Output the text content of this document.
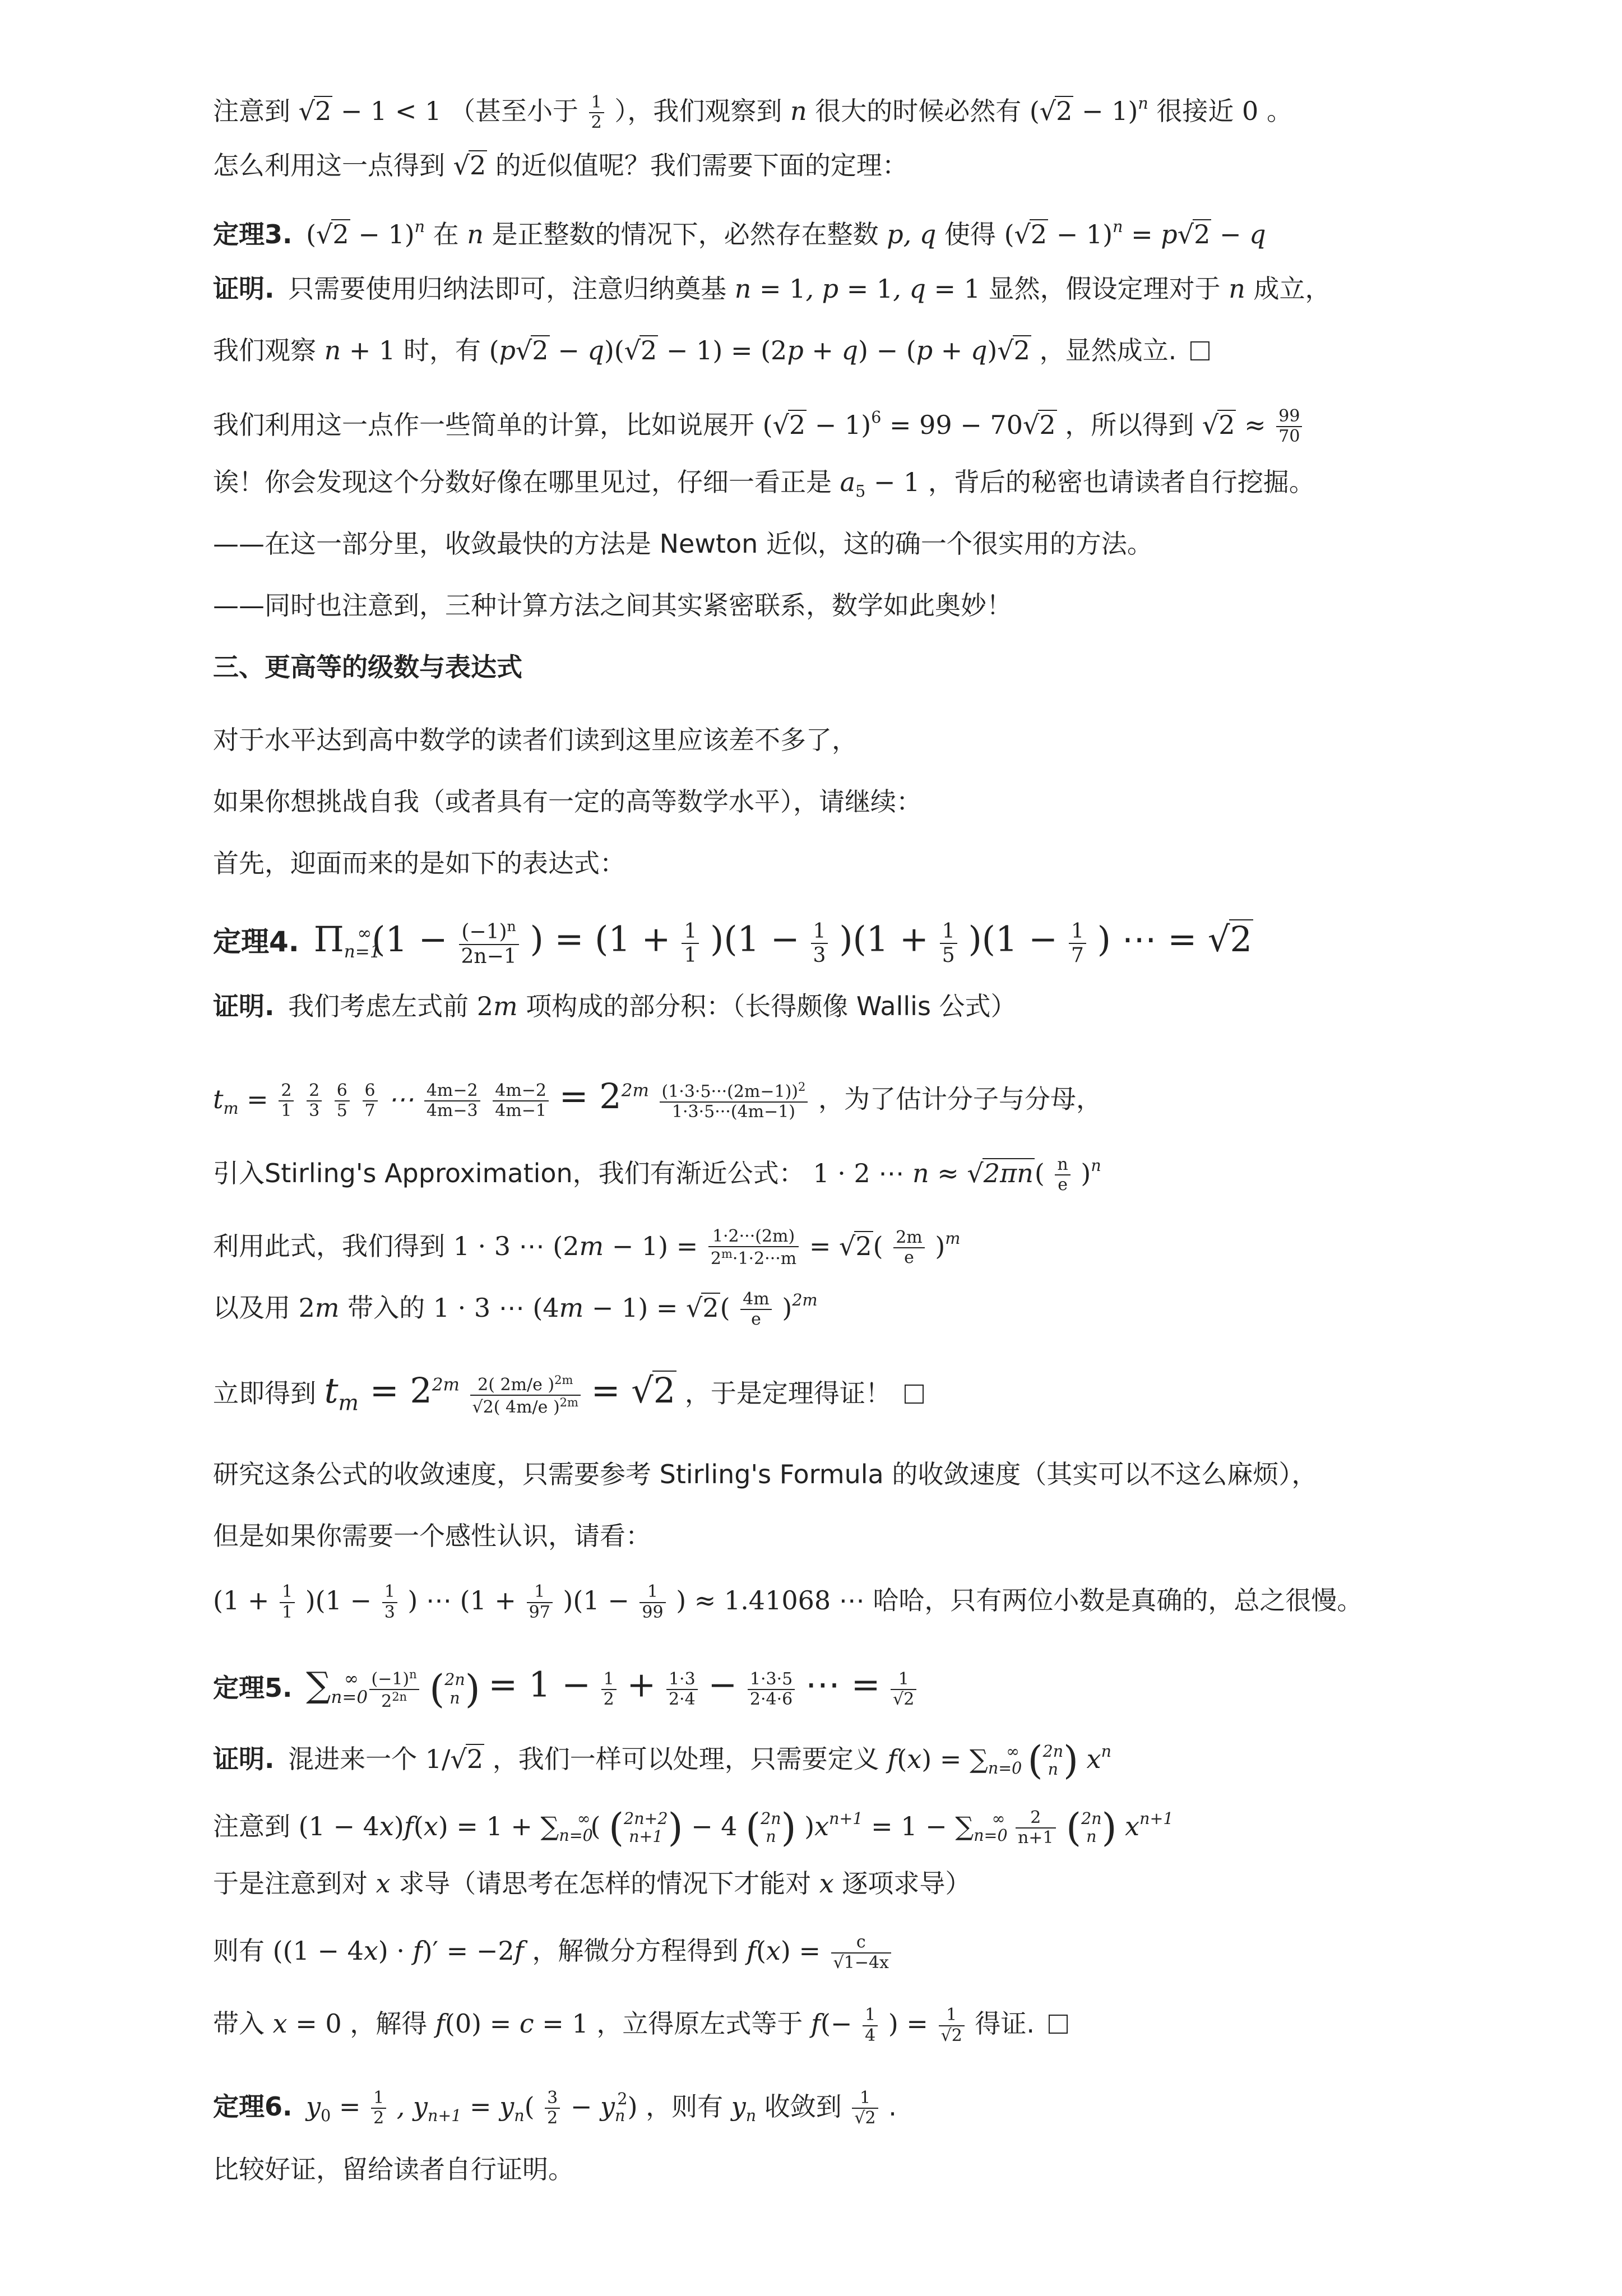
注意到 √2 − 1 < 1 （甚至小于 $\frac{1}{2}$ ），我们观察到 n 很大的时候必然有 $(√2 - 1)^n$ 很接近 0 。
怎么利用这一点得到 √2 的近似值呢？我们需要下面的定理：
定理3. $(√2 - 1)^n$ 在 n 是正整数的情况下，必然存在整数 p, q 使得 $(√2 - 1)^n = p√2 - q$
证明. 只需要使用归纳法即可，注意归纳奠基 n = 1, p = 1, q = 1 显然，假设定理对于 n 成立，
我们观察 n + 1 时，有 (p√2 − q)(√2 − 1) = (2p + q) − (p + q)√2 ，显然成立.
我们利用这一点作一些简单的计算，比如说展开 $(√2 - 1)^6 = 99 - 70√2$ ，所以得到 $√2 \approx \frac{99}{70}$
诶！你会发现这个分数好像在哪里见过，仔细一看正是 $a_5 - 1$ ，背后的秘密也请读者自行挖掘。
——在这一部分里，收敛最快的方法是 Newton 近似，这的确一个很实用的方法。
——同时也注意到，三种计算方法之间其实紧密联系，数学如此奥妙！
三、更高等的级数与表达式
对于水平达到高中数学的读者们读到这里应该差不多了，
如果你想挑战自我（或者具有一定的高等数学水平），请继续：
首先，迎面而来的是如下的表达式：
定理4. $\Pi_{n=1}^\infty(1 - \frac{(-1)^n}{2n-1}$ ) = $(1 + \frac{1}{1} )(1 - \frac{1}{3} )(1 + \frac{1}{5} )(1 - \frac{1}{7}$ ) ⋯ = √2
证明. 我们考虑左式前 2m 项构成的部分积：（长得颇像 Wallis 公式）
$t_m = \frac{2}{1}$
$\frac{2}{3}$
$\frac{6}{5}$
$\frac{6}{7}$ ⋯ $\frac{4m-2}{4m-3}$
$\frac{4m-2}{4m-1} = 2^{2m} \frac{(1\cdot 3\cdot 5\cdot\cdot\cdot(2m-1))^2}{1\cdot 3\cdot 5\cdot\cdot\cdot(4m-1)}$ ，为了估计分子与分母，
引入Stirling's Approximation，我们有渐近公式： 1 · 2 ⋯ $n \approx √2\pi n( \frac{n}{e} )^n$
利用此式，我们得到 1 · 3 ⋯ $(2m - 1) = \frac{1\cdot 2\cdot\cdot\cdot(2m)}{2^m\cdot 1\cdot 2\cdot\cdot\cdot m} = √2( \frac{2m}{e} )^m$
以及用 2m 带入的 1 · 3 ⋯ $(4m - 1) = √2( \frac{4m}{e} )^{2m}$
立即得到 $t_m = 2^{2m} \frac{2( 2m/e )^{2m}}{√2( 4m/e )^{2m}} = √2$ ，于是定理得证！
研究这条公式的收敛速度，只需要参考 Stirling's Formula 的收敛速度（其实可以不这么麻烦），
但是如果你需要一个感性认识，请看：
$(1 + \frac{1}{1} )(1 - \frac{1}{3}$ ) ⋯ $(1 + \frac{1}{97} )(1 - \frac{1}{99}$ ) ≈ 1.41068 ⋯ 哈哈，只有两位小数是真确的，总之很慢。
定理5. $\sum_{n=0}^\infty \frac{(-1)^n}{2^{2n}}$
( 2n
n ) = $1 - \frac{1}{2} + \frac{1\cdot 3}{2\cdot 4} - \frac{1\cdot 3\cdot 5}{2\cdot 4\cdot 6}$ ⋯ = $\frac{1}{√2}$
证明. 混进来一个 1/√2 ，我们一样可以处理，只需要定义 $f(x) = \sum_{n=0}^\infty$ ( 2n
n ) $x^n$
注意到 $(1 - 4x)f(x) = 1 + \sum_{n=0}^\infty$( ( 2n+2
n+1 ) − 4 ( 2n
n ) )$x^{n+1} = 1 - \sum_{n=0}^\infty \frac{2}{n+1}$
( 2n
n ) $x^{n+1}$
于是注意到对 x 求导（请思考在怎样的情况下才能对 x 逐项求导）
则有 ((1 − 4x) · f)′ = −2f ，解微分方程得到 $f(x) = \frac{c}{√1-4x}$
带入 x = 0 ，解得 f(0) = c = 1 ，立得原左式等于 $f(- \frac{1}{4}$ ) = $\frac{1}{√2}$ 得证.
定理6. $y_0 = \frac{1}{2}$ , $y_{n+1} = y_n( \frac{3}{2} - y_n^2)$ ，则有 $y_n$ 收敛到 $\frac{1}{√2}$ .
比较好证，留给读者自行证明。
